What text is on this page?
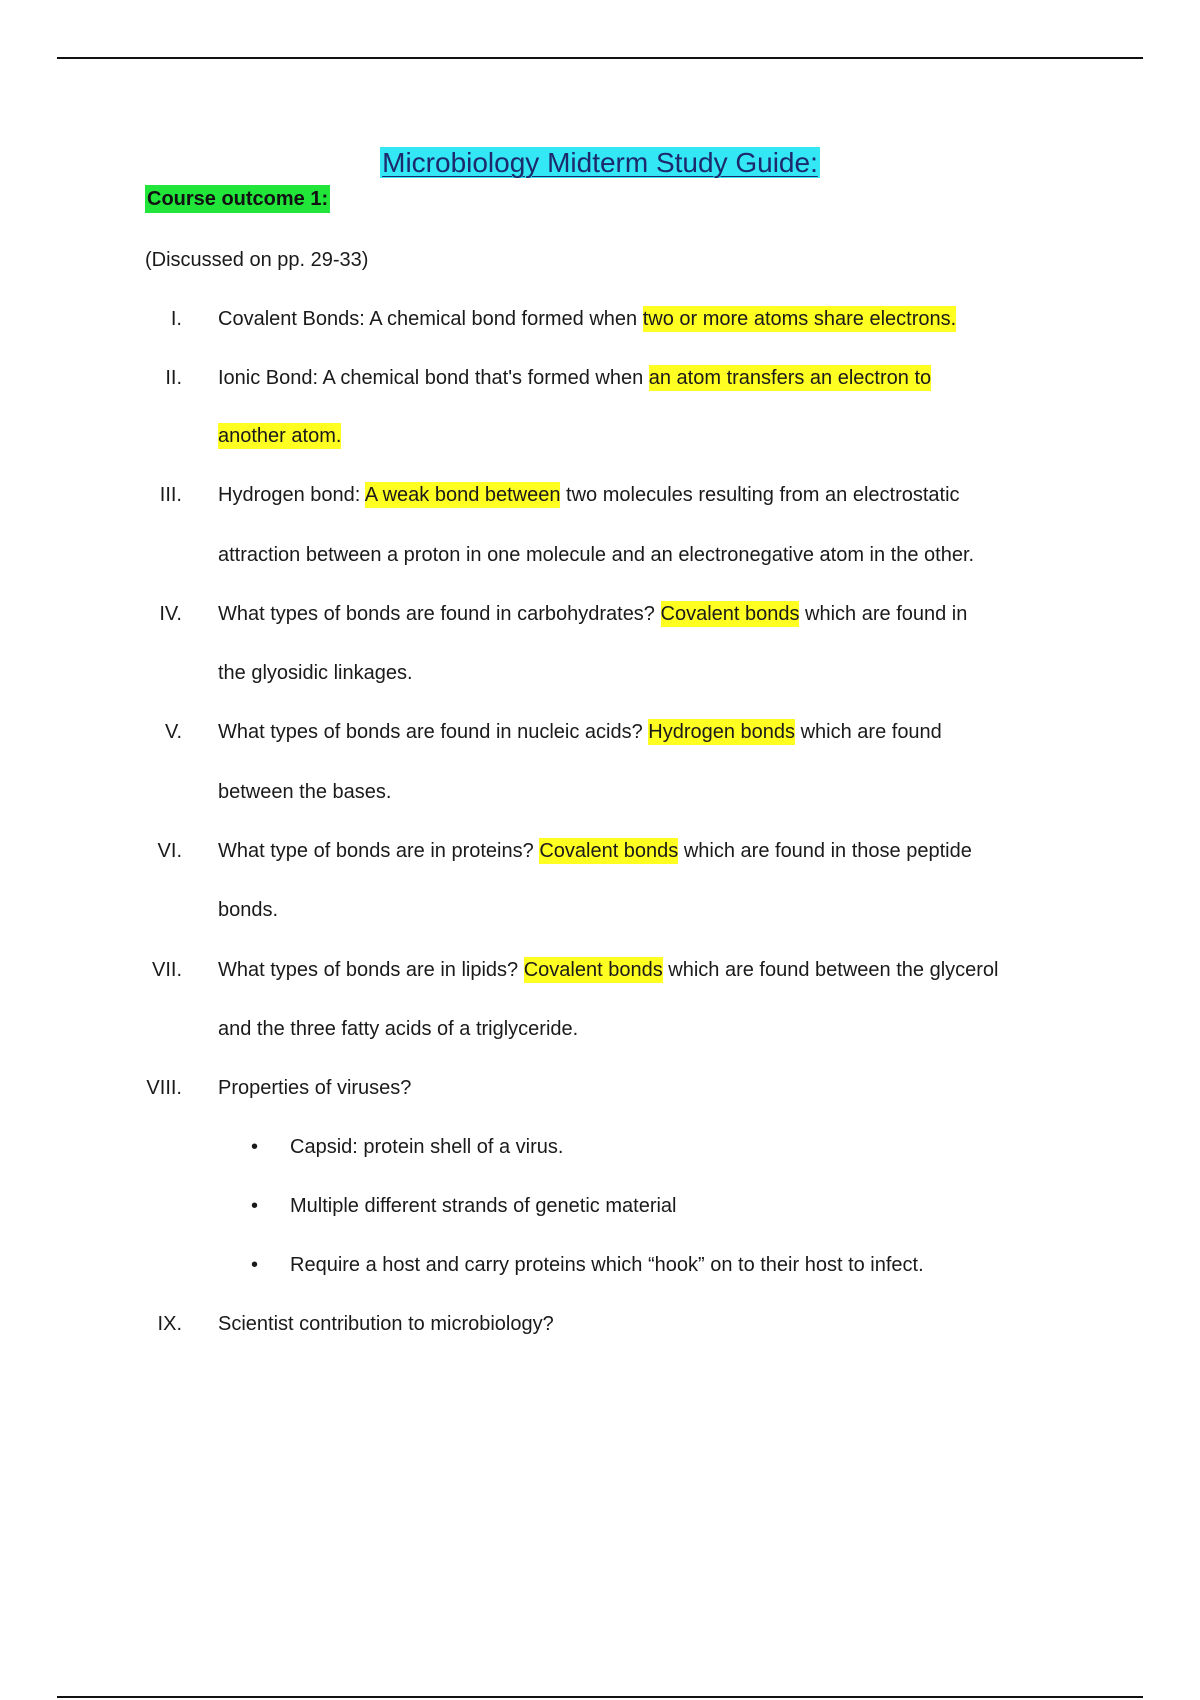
Microbiology Midterm Study Guide:
Course outcome 1:
(Discussed on pp. 29-33)
I. Covalent Bonds: A chemical bond formed when two or more atoms share electrons.
II. Ionic Bond: A chemical bond that's formed when an atom transfers an electron to
another atom.
III. Hydrogen bond: A weak bond between two molecules resulting from an electrostatic
attraction between a proton in one molecule and an electronegative atom in the other.
IV. What types of bonds are found in carbohydrates? Covalent bonds which are found in
the glyosidic linkages.
V. What types of bonds are found in nucleic acids? Hydrogen bonds which are found
between the bases.
VI. What type of bonds are in proteins? Covalent bonds which are found in those peptide
bonds.
VII. What types of bonds are in lipids? Covalent bonds which are found between the glycerol
and the three fatty acids of a triglyceride.
VIII. Properties of viruses?
• Capsid: protein shell of a virus.
• Multiple different strands of genetic material
• Require a host and carry proteins which “hook” on to their host to infect.
IX. Scientist contribution to microbiology?
